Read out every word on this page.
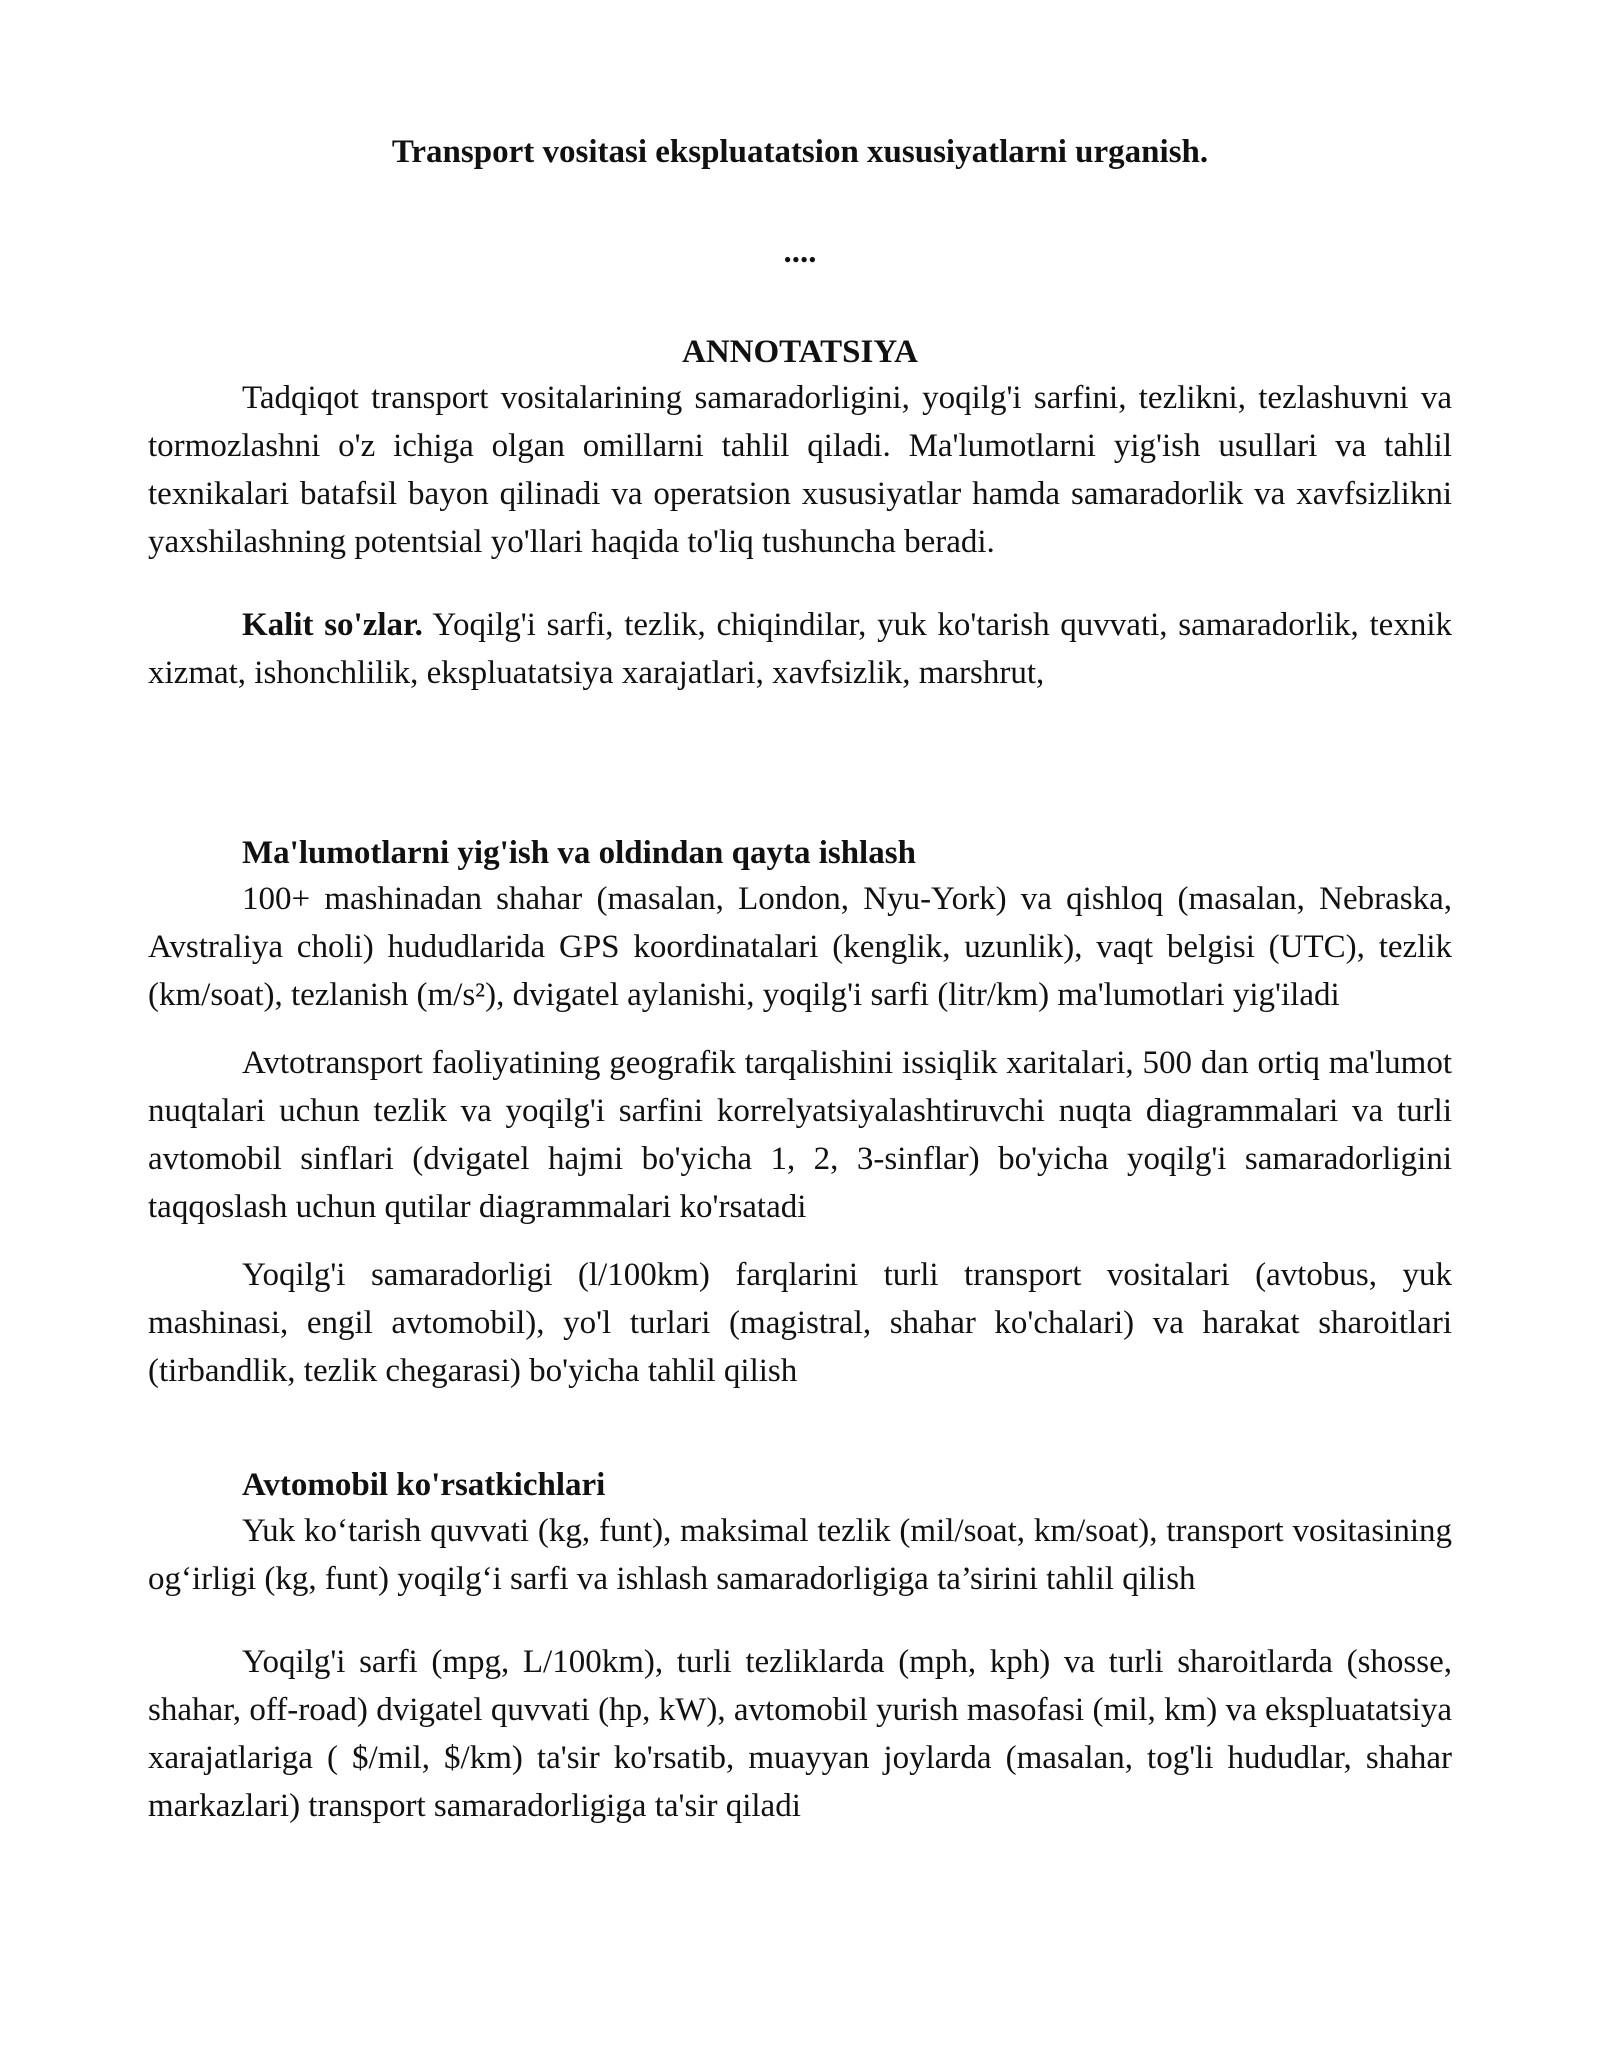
Transport vositasi ekspluatatsion xususiyatlarni urganish.
....
ANNOTATSIYA

Tadqiqot transport vositalarining samaradorligini, yoqilg'i sarfini, tezlikni, tezlashuvni va tormozlashni o'z ichiga olgan omillarni tahlil qiladi. Ma'lumotlarni yig'ish usullari va tahlil texnikalari batafsil bayon qilinadi va operatsion xususiyatlar hamda samaradorlik va xavfsizlikni yaxshilashning potentsial yo'llari haqida to'liq tushuncha beradi.

Kalit so'zlar. Yoqilg'i sarfi, tezlik, chiqindilar, yuk ko'tarish quvvati, samaradorlik, texnik xizmat, ishonchlilik, ekspluatatsiya xarajatlari, xavfsizlik, marshrut,

Ma'lumotlarni yig'ish va oldindan qayta ishlash

100+ mashinadan shahar (masalan, London, Nyu-York) va qishloq (masalan, Nebraska, Avstraliya choli) hududlarida GPS koordinatalari (kenglik, uzunlik), vaqt belgisi (UTC), tezlik (km/soat), tezlanish (m/s²), dvigatel aylanishi, yoqilg'i sarfi (litr/km) ma'lumotlari yig'iladi

Avtotransport faoliyatining geografik tarqalishini issiqlik xaritalari, 500 dan ortiq ma'lumot nuqtalari uchun tezlik va yoqilg'i sarfini korrelyatsiyalashtiruvchi nuqta diagrammalari va turli avtomobil sinflari (dvigatel hajmi bo'yicha 1, 2, 3-sinflar) bo'yicha yoqilg'i samaradorligini taqqoslash uchun qutilar diagrammalari ko'rsatadi

Yoqilg'i samaradorligi (l/100km) farqlarini turli transport vositalari (avtobus, yuk mashinasi, engil avtomobil), yo'l turlari (magistral, shahar ko'chalari) va harakat sharoitlari (tirbandlik, tezlik chegarasi) bo'yicha tahlil qilish

Avtomobil ko'rsatkichlari

Yuk ko‘tarish quvvati (kg, funt), maksimal tezlik (mil/soat, km/soat), transport vositasining og‘irligi (kg, funt) yoqilg‘i sarfi va ishlash samaradorligiga ta’sirini tahlil qilish

Yoqilg'i sarfi (mpg, L/100km), turli tezliklarda (mph, kph) va turli sharoitlarda (shosse, shahar, off-road) dvigatel quvvati (hp, kW), avtomobil yurish masofasi (mil, km) va ekspluatatsiya xarajatlariga ( $/mil, $/km) ta'sir ko'rsatib, muayyan joylarda (masalan, tog'li hududlar, shahar markazlari) transport samaradorligiga ta'sir qiladi
